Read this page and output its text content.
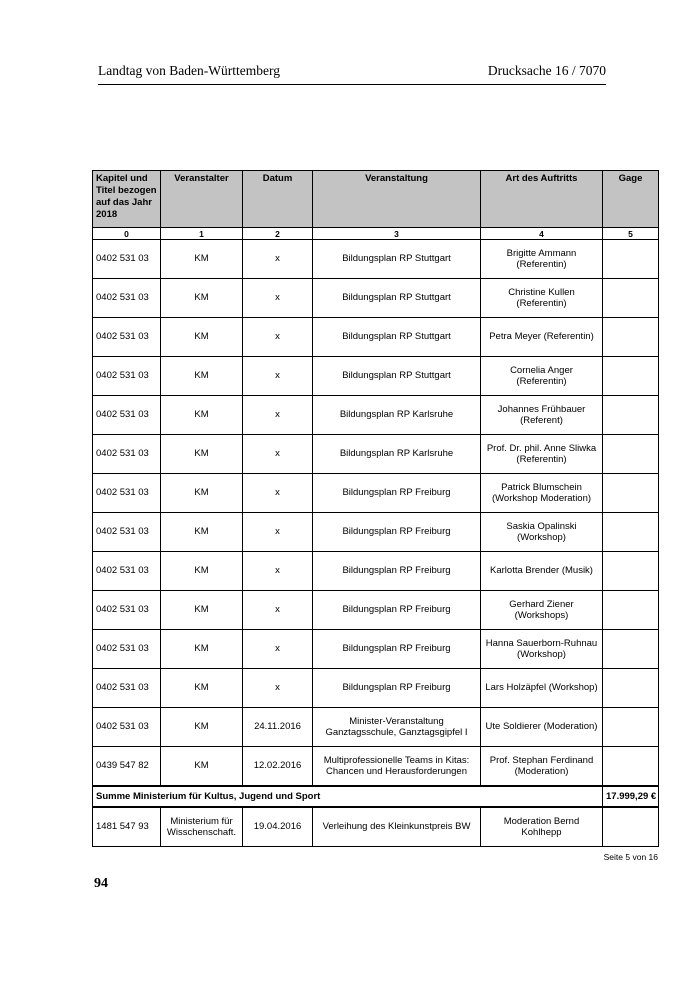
Landtag von Baden-Württemberg	Drucksache 16 / 7070
Kapitel und Titel bezogen auf das Jahr 2018	Veranstalter	Datum	Veranstaltung	Art des Auftritts	Gage
0	1	2	3	4	5
0402 531 03	KM	x	Bildungsplan RP Stuttgart	Brigitte Ammann (Referentin)	
0402 531 03	KM	x	Bildungsplan RP Stuttgart	Christine Kullen (Referentin)	
0402 531 03	KM	x	Bildungsplan RP Stuttgart	Petra Meyer (Referentin)	
0402 531 03	KM	x	Bildungsplan RP Stuttgart	Cornelia Anger (Referentin)	
0402 531 03	KM	x	Bildungsplan RP Karlsruhe	Johannes Frühbauer (Referent)	
0402 531 03	KM	x	Bildungsplan RP Karlsruhe	Prof. Dr. phil. Anne Sliwka (Referentin)	
0402 531 03	KM	x	Bildungsplan RP Freiburg	Patrick Blumschein (Workshop Moderation)	
0402 531 03	KM	x	Bildungsplan RP Freiburg	Saskia Opalinski (Workshop)	
0402 531 03	KM	x	Bildungsplan RP Freiburg	Karlotta Brender (Musik)	
0402 531 03	KM	x	Bildungsplan RP Freiburg	Gerhard Ziener (Workshops)	
0402 531 03	KM	x	Bildungsplan RP Freiburg	Hanna Sauerborn-Ruhnau (Workshop)	
0402 531 03	KM	x	Bildungsplan RP Freiburg	Lars Holzäpfel (Workshop)	
0402 531 03	KM	24.11.2016	Minister-Veranstaltung Ganztagsschule, Ganztagsgipfel I	Ute Soldierer (Moderation)	
0439 547 82	KM	12.02.2016	Multiprofessionelle Teams in Kitas: Chancen und Herausforderungen	Prof. Stephan Ferdinand (Moderation)	
Summe Ministerium für Kultus, Jugend und Sport					17.999,29 €
1481 547 93	Ministerium für Wisschenschaft.	19.04.2016	Verleihung des Kleinkunstpreis BW	Moderation Bernd Kohlhepp	
Seite 5 von 16
94
